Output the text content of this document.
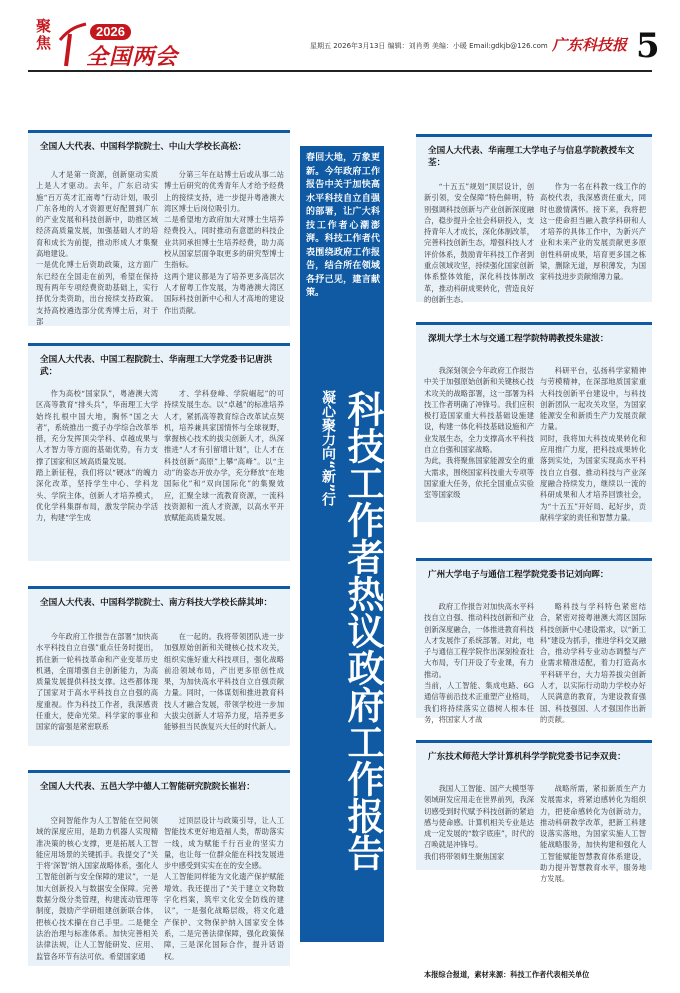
聚焦
2026
全国两会	星期五 2026年3月13日 编辑：刘肖勇 美编：小暖 Email:gdkjb@126.com 广东科技报 5
春回大地，万象更新。今年政府工作报告中关于加快高水平科技自立自强的部署，让广大科技工作者心潮澎湃。科技工作者代表围绕政府工作报告，结合所在领域各抒己见，建言献策。
凝心聚力向“新”行 科技工作者热议政府工作报告
全国人大代表、中国科学院院士、中山大学校长高松：
人才是第一资源，创新驱动实质上是人才驱动。去年，广东启动实施“百万英才汇南粤”行动计划，吸引广东各地的人才资源更好配置到广东的产业发展和科技创新中，助推区域经济高质量发展，加强基础人才的培育和成长为前提，推动形成人才集聚高地建设。
一是优化博士后资助政策，这方面广东已经在全国走在前列，希望在保持现有两年专项经费资助基础上，实行择优分类资助，出台接续支持政策。支持高校遴选部分优秀博士后，对于部
分第三年在站博士后或从事二站博士后研究的优秀青年人才给予经费上的接续支持，进一步提升粤港澳大湾区博士后岗位吸引力。
二是希望地方政府加大对博士生培养经费投入，同时推动有意愿的科技企业共同承担博士生培养经费，助力高校从国家层面争取更多的研究型博士生指标。
这两个建议都是为了培养更多高层次人才留粤工作发展，为粤港澳大湾区国际科技创新中心和人才高地的建设作出贡献。
全国人大代表、中国工程院院士、华南理工大学党委书记唐洪武：
作为高校“国家队”，粤港澳大湾区高等教育“排头兵”，华南理工大学始终扎根中国大地，胸怀“国之大者”，系统推出一揽子办学综合改革举措，充分发挥顶尖学科、卓越成果与人才智力等方面的基础优势，有力支撑了国家和区域高质量发展。
踏上新征程，我们将以“硬冰”的魄力深化改革，坚持学生中心、学科龙头、学院主体，创新人才培养模式，优化学科集群布局，激发学院办学活力，构建“学生成
才、学科登峰、学院崛起”的可持续发展生态。以“卓越”的标准培养人才，紧抓高等教育综合改革试点契机，培养兼具家国情怀与全球视野，掌握核心技术的拔尖创新人才，纵深推进“人才有引留增计划”，让人才在科技创新“高原”上攀“高峰”。以“主动”的姿态开放办学，充分释放“在地国际化”和“双向国际化”的集聚效应，汇聚全球一流教育资源，一流科技资源和一流人才资源，以高水平开放赋能高质量发展。
全国人大代表、中国科学院院士、南方科技大学校长薛其坤：
今年政府工作报告在部署“加快高水平科技自立自强”重点任务时提出，抓住新一轮科技革命和产业变革历史机遇，全面增强自主创新能力，为高质量发展提供科技支撑。这些都体现了国家对于高水平科技自立自强的高度重视。作为科技工作者，我深感责任重大，使命光荣。科学家的事业和国家的富强是紧密联系
在一起的。我将带领团队进一步加强原始创新和关键核心技术攻关，组织实施好重大科技项目，强化战略前沿领域布局，产出更多原创性成果，为加快高水平科技自立自强贡献力量。同时，一体谋划和推进教育科技人才融合发展，带领学校进一步加大拔尖创新人才培养力度，培养更多能够担当民族复兴大任的时代新人。
全国人大代表、五邑大学中德人工智能研究院院长崔岩：
空间智能作为人工智能在空间领域的深度应用，是助力机器人实现精准决策的核心支撑，更是拓展人工智能应用场景的关键抓手。我提交了“关于将‘深智’纳入国家战略体系，强化人工智能创新与安全保障的建议”，一是加大创新投入与数据安全保障。完善数据分级分类管理，构建流动管理等制度，鼓励产学研组建创新联合体，把核心技术攥在自己手里。二是健全法治治理与标准体系。加快完善相关法律法规，让人工智能研发、应用、监管各环节有法可依。希望国家通
过顶层设计与政策引导，让人工智能技术更好地造福人类，帮助落实一线，成为赋能千行百业的坚实力量，也让每一位群众能在科技发展进步中感受到实实在在的安全感。
人工智能同样能为文化遗产保护赋能增效。我还提出了“关于建立文物数字化档案，筑牢文化安全防线的建议”，一是强化战略层级，将文化遗产保护、文物保护纳入国家安全体系，二是完善法律保障，强化政策保障，三是深化国际合作，提升话语权。
全国人大代表、华南理工大学电子与信息学院教授车文荃：
“十五五”规划“顶层设计，创新引领，安全保障”特色鲜明，特别强调科技创新与产业创新深度融合，稳步提升全社会科研投入，支持青年人才成长，深化体制改革，完善科技创新生态，增强科技人才评价体系，鼓励青年科技工作者到重点领域攻坚，持续强化国家创新体系整体效能，深化科技体制改革，推动科研成果转化，营造良好的创新生态。
作为一名在科教一线工作的高校代表，我深感责任重大，同时也激情满怀。接下来，我将把这一使命担当融入教学科研和人才培养的具体工作中，为新兴产业和未来产业的发展贡献更多原创性科研成果，培育更多国之栋梁，删除无道，厚积薄发，为国家科技进步贡献绵薄力量。
深圳大学土木与交通工程学院特聘教授朱建波：
我深刻领会今年政府工作报告中关于加强原始创新和关键核心技术攻关的战略部署，这一部署为科技工作者明确了冲锋号。我们应积极打造国家重大科技基础设施建设，构建一体化科技基础设施和产业发展生态，全力支撑高水平科技自立自强和国家战略。
为此，我将聚焦国家能源安全的重大需求，围绕国家科技重大专项等国家重大任务，依托全国重点实验室等国家级
科研平台，弘扬科学家精神与劳模精神，在深部地质国家重大科技创新平台建设中，与科技创新团队一起攻关攻坚，为国家能源安全和新质生产力发展贡献力量。
同时，我将加大科技成果转化和应用推广力度，把科技成果转化落到实处，为国家实现高水平科技自立自强、推动科技与产业深度融合持续发力，继续以一流的科研成果和人才培养回馈社会，为“十五五”开好局、起好步，贡献科学家的责任和智慧力量。
广州大学电子与通信工程学院党委书记刘向晖：
政府工作报告对加快高水平科技自立自强、推动科技创新和产业创新深度融合，一体推进教育科技人才发展作了系统部署。对此，电子与通信工程学院作出深刻检查壮大布局，专门开设了专业课，有力推动。
当前，人工智能、集成电路、6G通信等前沿技术正重塑产业格局，我们将持续落实立德树人根本任务，将国家人才战
略科技与学科特色紧密结合，紧密对接粤港澳大湾区国际科技创新中心建设需求，以“新工科”建设为抓手，推进学科交叉融合，推动学科专业动态调整与产业需求精准适配，着力打造高水平科研平台，大力培养拔尖创新人才，以实际行动助力学校办好人民满意的教育，为建设教育强国、科技强国、人才强国作出新的贡献。
广东技术师范大学计算机科学学院党委书记李双贵：
我国人工智能、国产大模型等领域研发应用走在世界前列，我深切感受到时代赋予科技创新的紧迫感与使命感。计算机相关专业是达成一定发展的“数字底座”，时代的召唤就是冲锋号。
我们将带领师生聚焦国家
战略所需，紧扣新质生产力发展需求，将紧迫感转化为组织力，把使命感转化为创新动力，推动科研教学改革，把新工科建设落实落地，为国家实施人工智能战略服务，加快构建和强化人工智能赋能智慧教育体系建设，助力提升智慧教育水平，服务地方发展。
本报综合报道，素材来源：科技工作者代表相关单位
